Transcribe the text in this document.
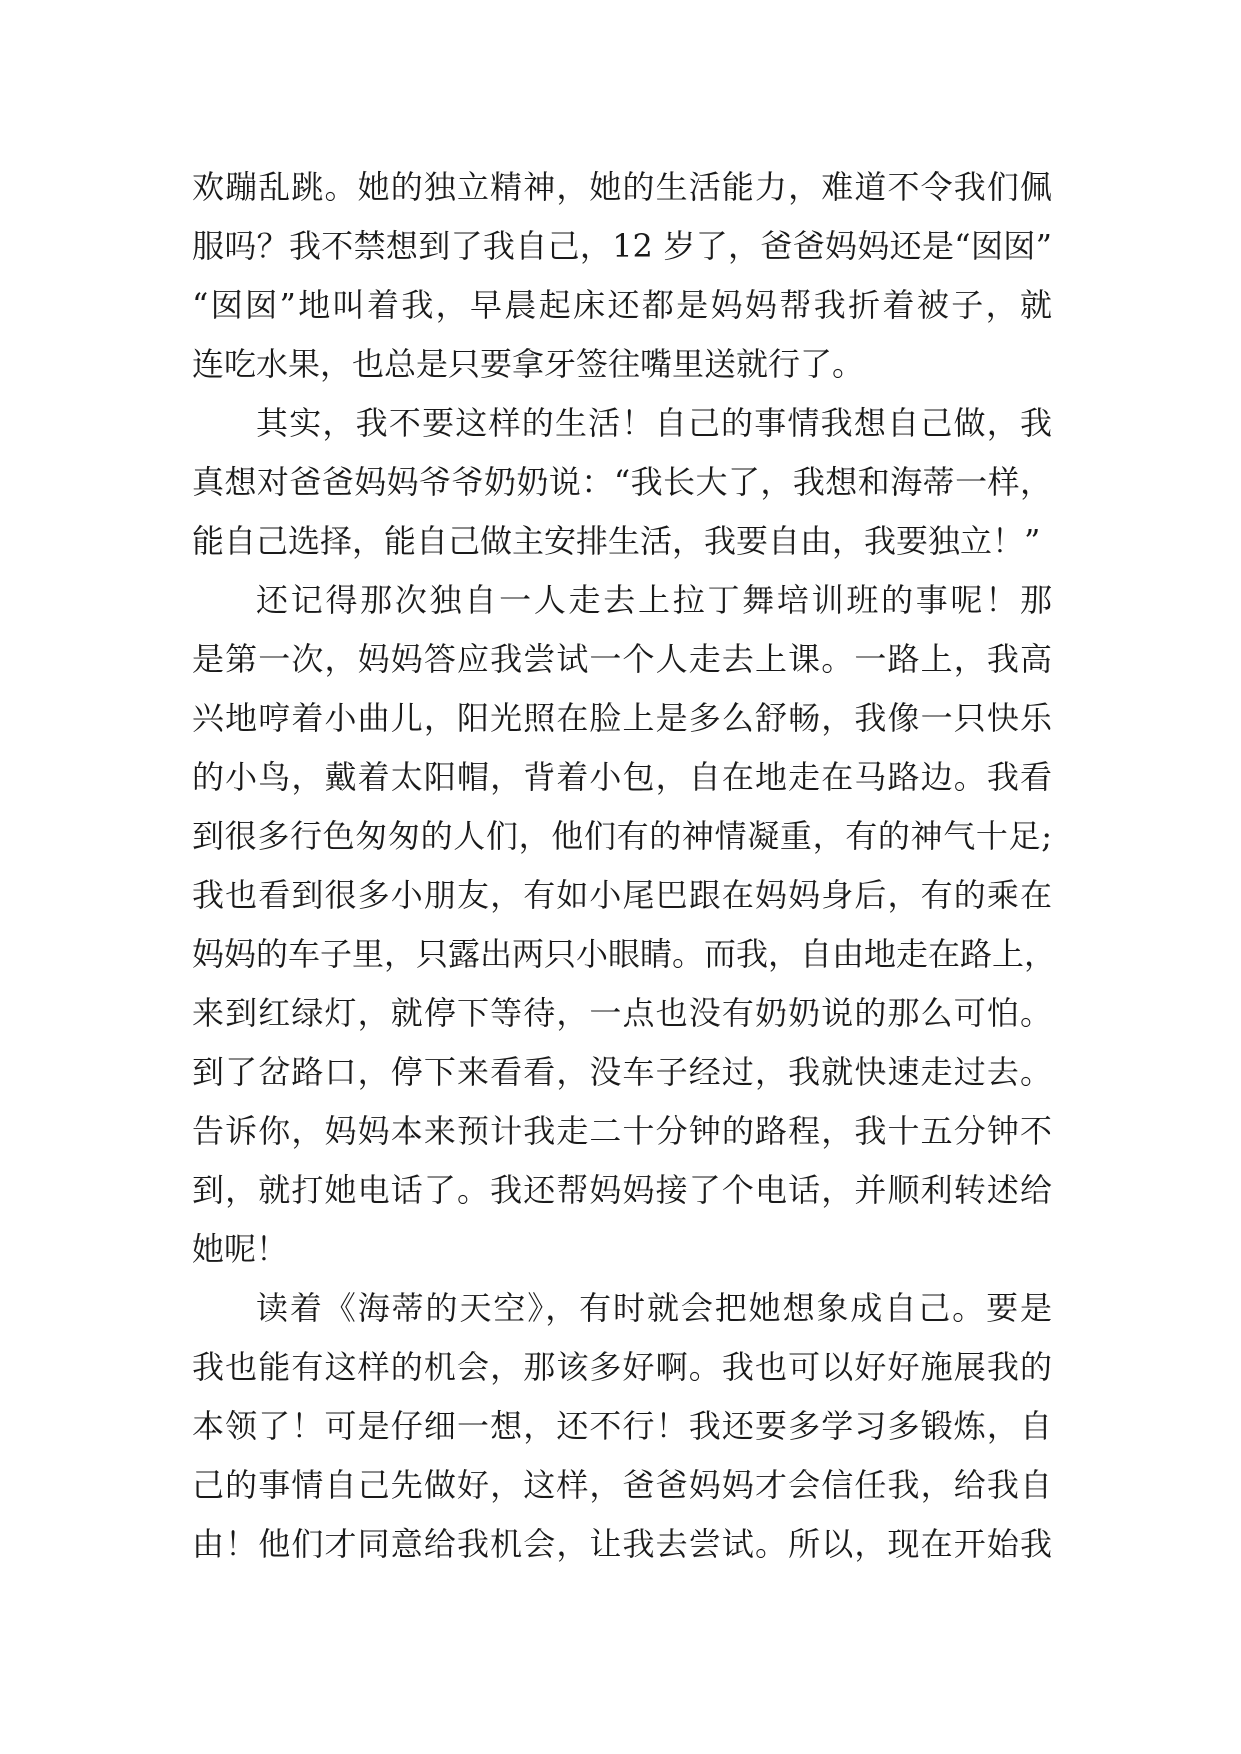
欢蹦乱跳。她的独立精神，她的生活能力，难道不令我们佩
服吗？我不禁想到了我自己，12 岁了，爸爸妈妈还是“囡囡”
“囡囡”地叫着我，早晨起床还都是妈妈帮我折着被子，就
连吃水果，也总是只要拿牙签往嘴里送就行了。
其实，我不要这样的生活！自己的事情我想自己做，我
真想对爸爸妈妈爷爷奶奶说：“我长大了，我想和海蒂一样，
能自己选择，能自己做主安排生活，我要自由，我要独立！”
还记得那次独自一人走去上拉丁舞培训班的事呢！那
是第一次，妈妈答应我尝试一个人走去上课。一路上，我高
兴地哼着小曲儿，阳光照在脸上是多么舒畅，我像一只快乐
的小鸟，戴着太阳帽，背着小包，自在地走在马路边。我看
到很多行色匆匆的人们，他们有的神情凝重，有的神气十足;
我也看到很多小朋友，有如小尾巴跟在妈妈身后，有的乘在
妈妈的车子里，只露出两只小眼睛。而我，自由地走在路上，
来到红绿灯，就停下等待，一点也没有奶奶说的那么可怕。
到了岔路口，停下来看看，没车子经过，我就快速走过去。
告诉你，妈妈本来预计我走二十分钟的路程，我十五分钟不
到，就打她电话了。我还帮妈妈接了个电话，并顺利转述给
她呢！
读着《海蒂的天空》，有时就会把她想象成自己。要是
我也能有这样的机会，那该多好啊。我也可以好好施展我的
本领了！可是仔细一想，还不行！我还要多学习多锻炼，自
己的事情自己先做好，这样，爸爸妈妈才会信任我，给我自
由！他们才同意给我机会，让我去尝试。所以，现在开始我
